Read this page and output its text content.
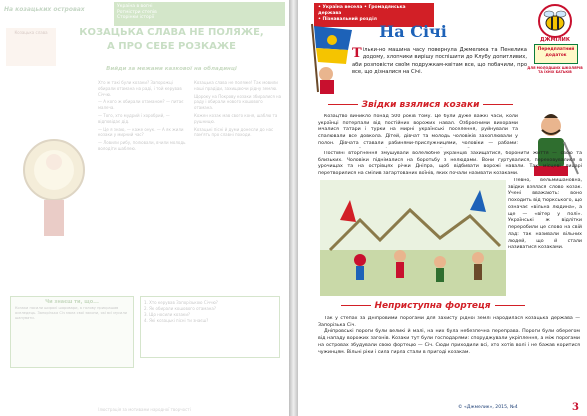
На козацьких островах	Україна в вогні
Ротмістри степів
Сторінки історії
Козацька слава	КОЗАЦЬКА СЛАВА НЕ ПОЛЯЖЕ,
А ПРО СЕБЕ РОЗКАЖЕ
Вийди за межами казкової на обладинці

Хто ж такі були козаки? Запорожці обирали отамана на раді, і той керував Січчю.

— А кого ж обирали отаманом? — питає малеча.

— Того, хто мудрий і хоробрий, — відповідає дід.

— Це я знаю, — каже онук. — А як жили козаки у мирний час?

— Ловили рибу, полювали, вчили молодь володіти шаблею.

Козацька слава не поляже! Так мовили наші прадіди, захищаючи рідну землю.

Щороку на Покрову козаки збиралися на раду і обирали нового кошового отамана.

Кожен козак мав свого коня, шаблю та рушницю.

Козацькі пісні й думи донесли до нас пам'ять про славні походи.

Чи знаєш ти, що...
Козаки носили широкі шаровари, а голову прикрашав оселедець. Запорізька Січ мала свої закони, які всі мусили шанувати.
1. Хто керував Запорізькою Січчю?
2. Як обирали кошового отамана?
3. Що носили козаки?
4. Які козацькі пісні ти знаєш?
Ілюстрація за мотивами народної творчості
• Україна весела • Громадянська держава
• Пізнавальний розділ
ДЖМІЛИК
Передплатний
додаток
ДЛЯ МОЛОДШИХ ШКОЛЯРІВ ТА ЇХНІХ БАТЬКІВ
На Січі
Тільки-но машина часу повернула Джмелика та Пенелика додому, хлопчики вирішу поспішити до Клубу допитливих, аби розповісти своїм подружкам-квітам все, що побачили, про все, що дізналися на Січі.
Звідки взялися козаки

Козацтво виникло понад 500 років тому. Це були дуже важкі часи, коли українці потерпали від постійних ворожих навал. Озброєними вихорами мчалися татари і турки на мирні українські поселення, руйнували та спалювали все довкола. Дітей, дівчат та молодь чоловіків захоплювали у полон. Дівчата ставали рабинями-прислужницями, чоловіки — рабами:

Постійні вторгнення змушували волелюбне українців захищатися, боронити життя — свою та близьких. Чоловіки піднімалися на боротьбу з нелюдами. Вони гуртувалися, переховувалися в урочищах та на острівцях річки Дніпра, щоб відбивати ворожі навали. Так місцеві лицарі перетворилися на смілив загартованих воїнів, яких почали називати козаками.

Певно, вельмишановна, звідки взялася слово козак. Учені вважають: воно походить від тюркського, що означає «вільна людина», а ще — «вітер у полі». Українські ж відлітки переробили це слово на свій лад: так називали вільних людей, що й стали називатися козаками.

Неприступна фортеця

Так у степах за Дніпровими порогами для захисту рідної землі народилася козацька держава — Запорізька Січ.

Дніпровські пороги були великі й малі, на них була небезпечна переправа. Пороги були оберегом від нападу ворожих загонів. Козаки тут були господарями: споруджували укріплення, а між порогами на островах збудували свою фортецю — Січ. Сюди приходили всі, хто хотів волі і не бажав коритися чужинцям. Вільні ріки і сила гирла стали в пригоді козакам.

© «Джмелик», 2015, №4	3
